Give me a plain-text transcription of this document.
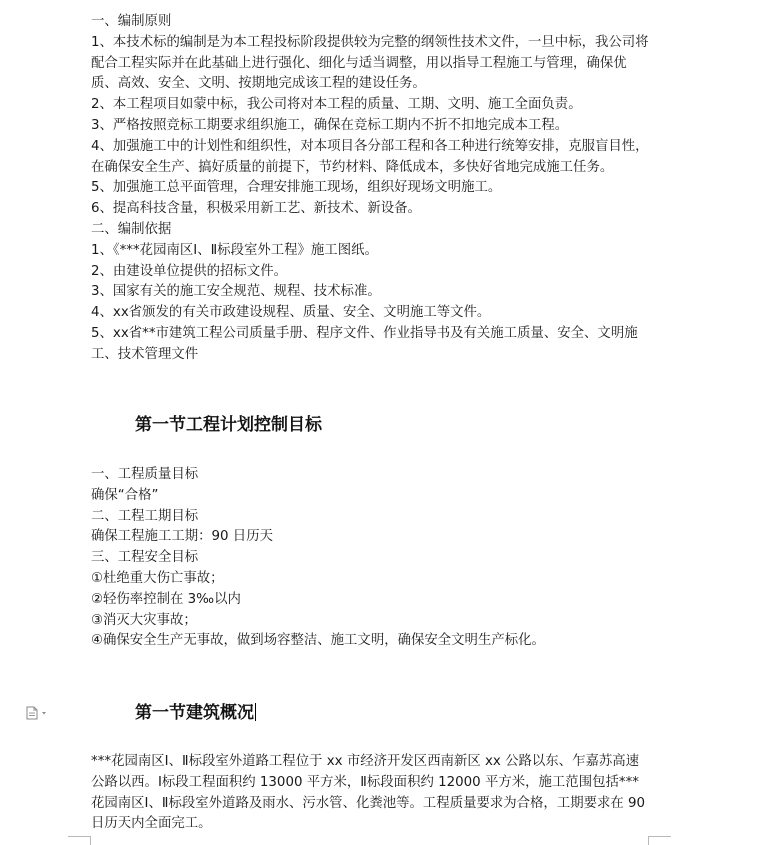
一、编制原则

1、本技术标的编制是为本工程投标阶段提供较为完整的纲领性技术文件，一旦中标，我公司将配合工程实际并在此基础上进行强化、细化与适当调整，用以指导工程施工与管理，确保优质、高效、安全、文明、按期地完成该工程的建设任务。

2、本工程项目如蒙中标，我公司将对本工程的质量、工期、文明、施工全面负责。

3、严格按照竞标工期要求组织施工，确保在竞标工期内不折不扣地完成本工程。

4、加强施工中的计划性和组织性，对本项目各分部工程和各工种进行统筹安排，克服盲目性，在确保安全生产、搞好质量的前提下，节约材料、降低成本，多快好省地完成施工任务。

5、加强施工总平面管理，合理安排施工现场，组织好现场文明施工。

6、提高科技含量，积极采用新工艺、新技术、新设备。

二、编制依据

1、《***花园南区Ⅰ、Ⅱ标段室外工程》施工图纸。

2、由建设单位提供的招标文件。

3、国家有关的施工安全规范、规程、技术标准。

4、xx省颁发的有关市政建设规程、质量、安全、文明施工等文件。

5、xx省**市建筑工程公司质量手册、程序文件、作业指导书及有关施工质量、安全、文明施工、技术管理文件

第一节工程计划控制目标

一、工程质量目标

确保“合格”

二、工程工期目标

确保工程施工工期：90 日历天

三、工程安全目标

①杜绝重大伤亡事故；

②轻伤率控制在 3‰以内

③消灭大灾事故；

④确保安全生产无事故，做到场容整洁、施工文明，确保安全文明生产标化。

第一节建筑概况

***花园南区Ⅰ、Ⅱ标段室外道路工程位于 xx 市经济开发区西南新区 xx 公路以东、乍嘉苏高速公路以西。Ⅰ标段工程面积约 13000 平方米，Ⅱ标段面积约 12000 平方米，施工范围包括***花园南区Ⅰ、Ⅱ标段室外道路及雨水、污水管、化粪池等。工程质量要求为合格，工期要求在 90 日历天内全面完工。
